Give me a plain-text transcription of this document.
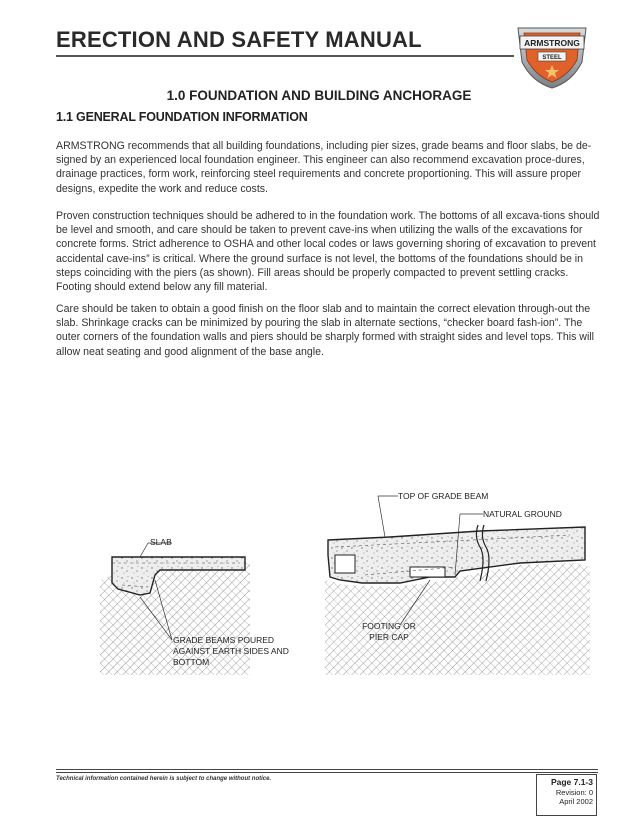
ERECTION AND SAFETY MANUAL	ARMSTRONG
STEEL
1.0 FOUNDATION AND BUILDING ANCHORAGE
1.1 GENERAL FOUNDATION INFORMATION

ARMSTRONG recommends that all building foundations, including pier sizes, grade beams and floor slabs, be de-signed by an experienced local foundation engineer. This engineer can also recommend excavation proce-dures, drainage practices, form work, reinforcing steel requirements and concrete proportioning. This will assure proper designs, expedite the work and reduce costs.

Proven construction techniques should be adhered to in the foundation work. The bottoms of all excava-tions should be level and smooth, and care should be taken to prevent cave-ins when utilizing the walls of the excavations for concrete forms. Strict adherence to OSHA and other local codes or laws governing shoring of excavation to prevent accidental cave-ins” is critical. Where the ground surface is not level, the bottoms of the foundations should be in steps coinciding with the piers (as shown). Fill areas should be properly compacted to prevent settling cracks. Footing should extend below any fill material.

Care should be taken to obtain a good finish on the floor slab and to maintain the correct elevation through-out the slab. Shrinkage cracks can be minimized by pouring the slab in alternate sections, “checker board fash-ion”. The outer corners of the foundation walls and piers should be sharply formed with straight sides and level tops. This will allow neat seating and good alignment of the base angle.

TOP OF GRADE BEAM
NATURAL GROUND
SLAB
FOOTING OR PIER CAP
GRADE BEAMS POURED AGAINST EARTH SIDES AND BOTTOM
Technical information contained herein is subject to change without notice.	Page 7.1-3
Revision: 0
April 2002
